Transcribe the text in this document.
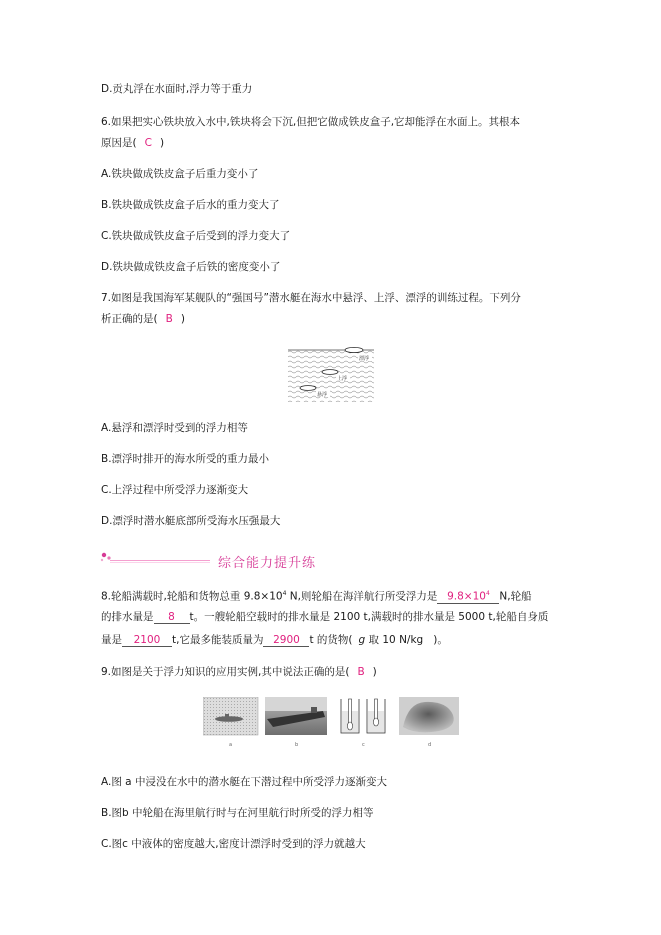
D.贡丸浮在水面时,浮力等于重力
6.如果把实心铁块放入水中,铁块将会下沉,但把它做成铁皮盒子,它却能浮在水面上。其根本
原因是( C )
A.铁块做成铁皮盒子后重力变小了
B.铁块做成铁皮盒子后水的重力变大了
C.铁块做成铁皮盒子后受到的浮力变大了
D.铁块做成铁皮盒子后铁的密度变小了
7.如图是我国海军某舰队的“强国号”潜水艇在海水中悬浮、上浮、漂浮的训练过程。下列分
析正确的是( B )
漂浮
上浮
悬浮
A.悬浮和漂浮时受到的浮力相等
B.漂浮时排开的海水所受的重力最小
C.上浮过程中所受浮力逐渐变大
D.漂浮时潜水艇底部所受海水压强最大
综合能力提升练
8.轮船满载时,轮船和货物总重 $9.8\times 10^4$ N,则轮船在海洋航行所受浮力是 $9.8\times 10^4$ N,轮船
的排水量是 8 t。一艘轮船空载时的排水量是 2100 t,满载时的排水量是 5000 t,轮船自身质
量是 2100 t,它最多能装质量为 2900 t 的货物( g 取 10 N/kg )。
9.如图是关于浮力知识的应用实例,其中说法正确的是( B )
a	b	c	d
A.图 a 中浸没在水中的潜水艇在下潜过程中所受浮力逐渐变大
B.图b 中轮船在海里航行时与在河里航行时所受的浮力相等
C.图c 中液体的密度越大,密度计漂浮时受到的浮力就越大
